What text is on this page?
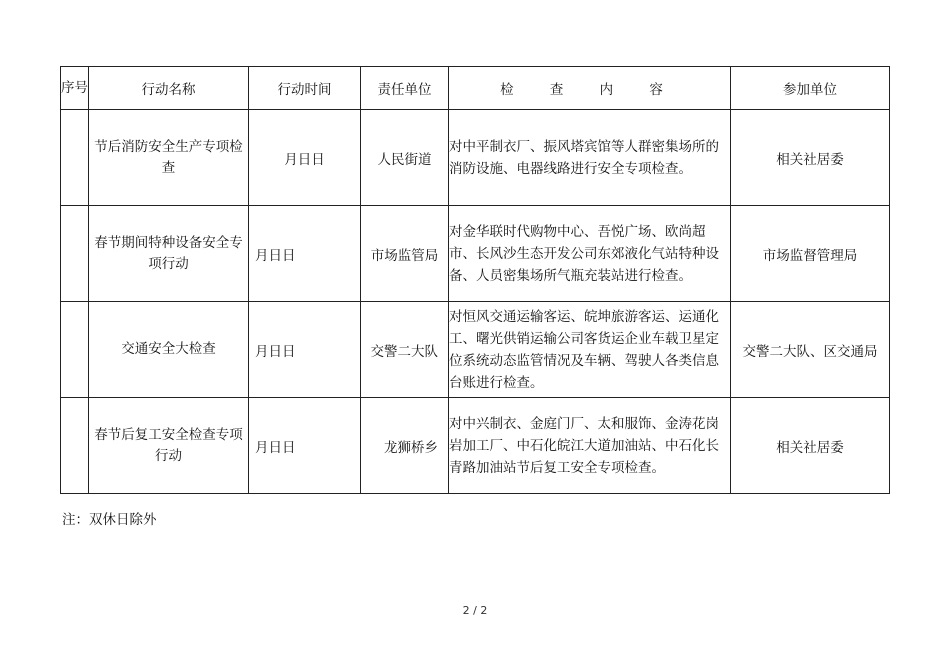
序号	行动名称	行动时间	责任单位	检 查 内 容	参加单位
	节后消防安全生产专项检查	月日日	人民街道	对中平制衣厂、振风塔宾馆等人群密集场所的消防设施、电器线路进行安全专项检查。	相关社居委
	春节期间特种设备安全专项行动	月日日	市场监管局	对金华联时代购物中心、吾悦广场、欧尚超市、长风沙生态开发公司东郊液化气站特种设备、人员密集场所气瓶充装站进行检查。	市场监督管理局
	交通安全大检查	月日日	交警二大队	对恒风交通运输客运、皖坤旅游客运、运通化工、曙光供销运输公司客货运企业车载卫星定位系统动态监管情况及车辆、驾驶人各类信息台账进行检查。	交警二大队、区交通局
	春节后复工安全检查专项行动	月日日	龙狮桥乡	对中兴制衣、金庭门厂、太和服饰、金涛花岗岩加工厂、中石化皖江大道加油站、中石化长青路加油站节后复工安全专项检查。	相关社居委
注：双休日除外
2 / 2
